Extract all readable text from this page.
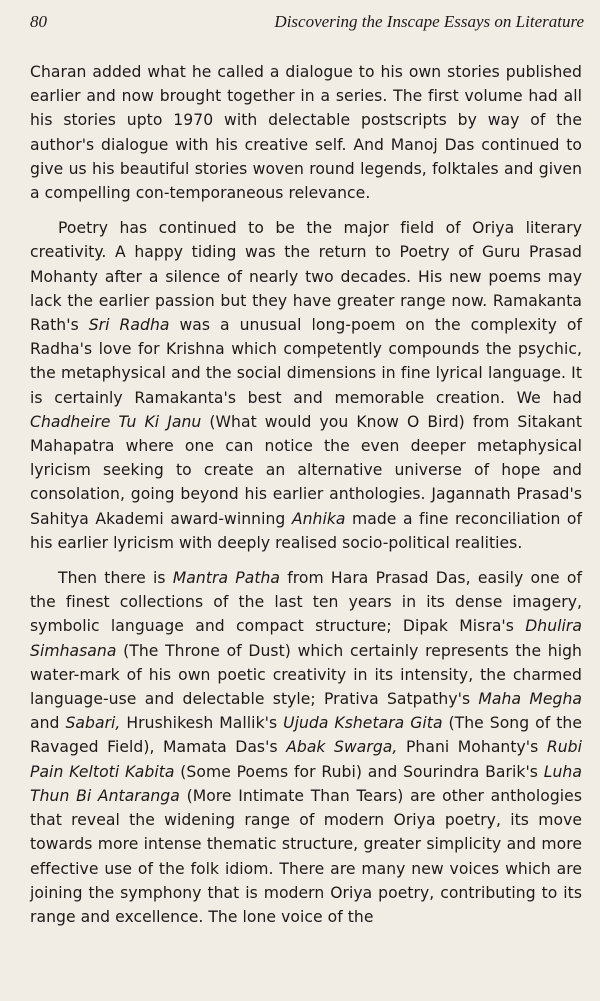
80	Discovering the Inscape Essays on Literature

Charan added what he called a dialogue to his own stories published earlier and now brought together in a series. The first volume had all his stories upto 1970 with delectable postscripts by way of the author's dialogue with his creative self. And Manoj Das continued to give us his beautiful stories woven round legends, folktales and given a compelling con-temporaneous relevance.

Poetry has continued to be the major field of Oriya literary creativity. A happy tiding was the return to Poetry of Guru Prasad Mohanty after a silence of nearly two decades. His new poems may lack the earlier passion but they have greater range now. Ramakanta Rath's Sri Radha was a unusual long-poem on the complexity of Radha's love for Krishna which competently compounds the psychic, the metaphysical and the social dimensions in fine lyrical language. It is certainly Ramakanta's best and memorable creation. We had Chadheire Tu Ki Janu (What would you Know O Bird) from Sitakant Mahapatra where one can notice the even deeper metaphysical lyricism seeking to create an alternative universe of hope and consolation, going beyond his earlier anthologies. Jagannath Prasad's Sahitya Akademi award-winning Anhika made a fine reconciliation of his earlier lyricism with deeply realised socio-political realities.

Then there is Mantra Patha from Hara Prasad Das, easily one of the finest collections of the last ten years in its dense imagery, symbolic language and compact structure; Dipak Misra's Dhulira Simhasana (The Throne of Dust) which certainly represents the high water-mark of his own poetic creativity in its intensity, the charmed language-use and delectable style; Prativa Satpathy's Maha Megha and Sabari, Hrushikesh Mallik's Ujuda Kshetara Gita (The Song of the Ravaged Field), Mamata Das's Abak Swarga, Phani Mohanty's Rubi Pain Keltoti Kabita (Some Poems for Rubi) and Sourindra Barik's Luha Thun Bi Antaranga (More Intimate Than Tears) are other anthologies that reveal the widening range of modern Oriya poetry, its move towards more intense thematic structure, greater simplicity and more effective use of the folk idiom. There are many new voices which are joining the symphony that is modern Oriya poetry, contributing to its range and excellence. The lone voice of the
